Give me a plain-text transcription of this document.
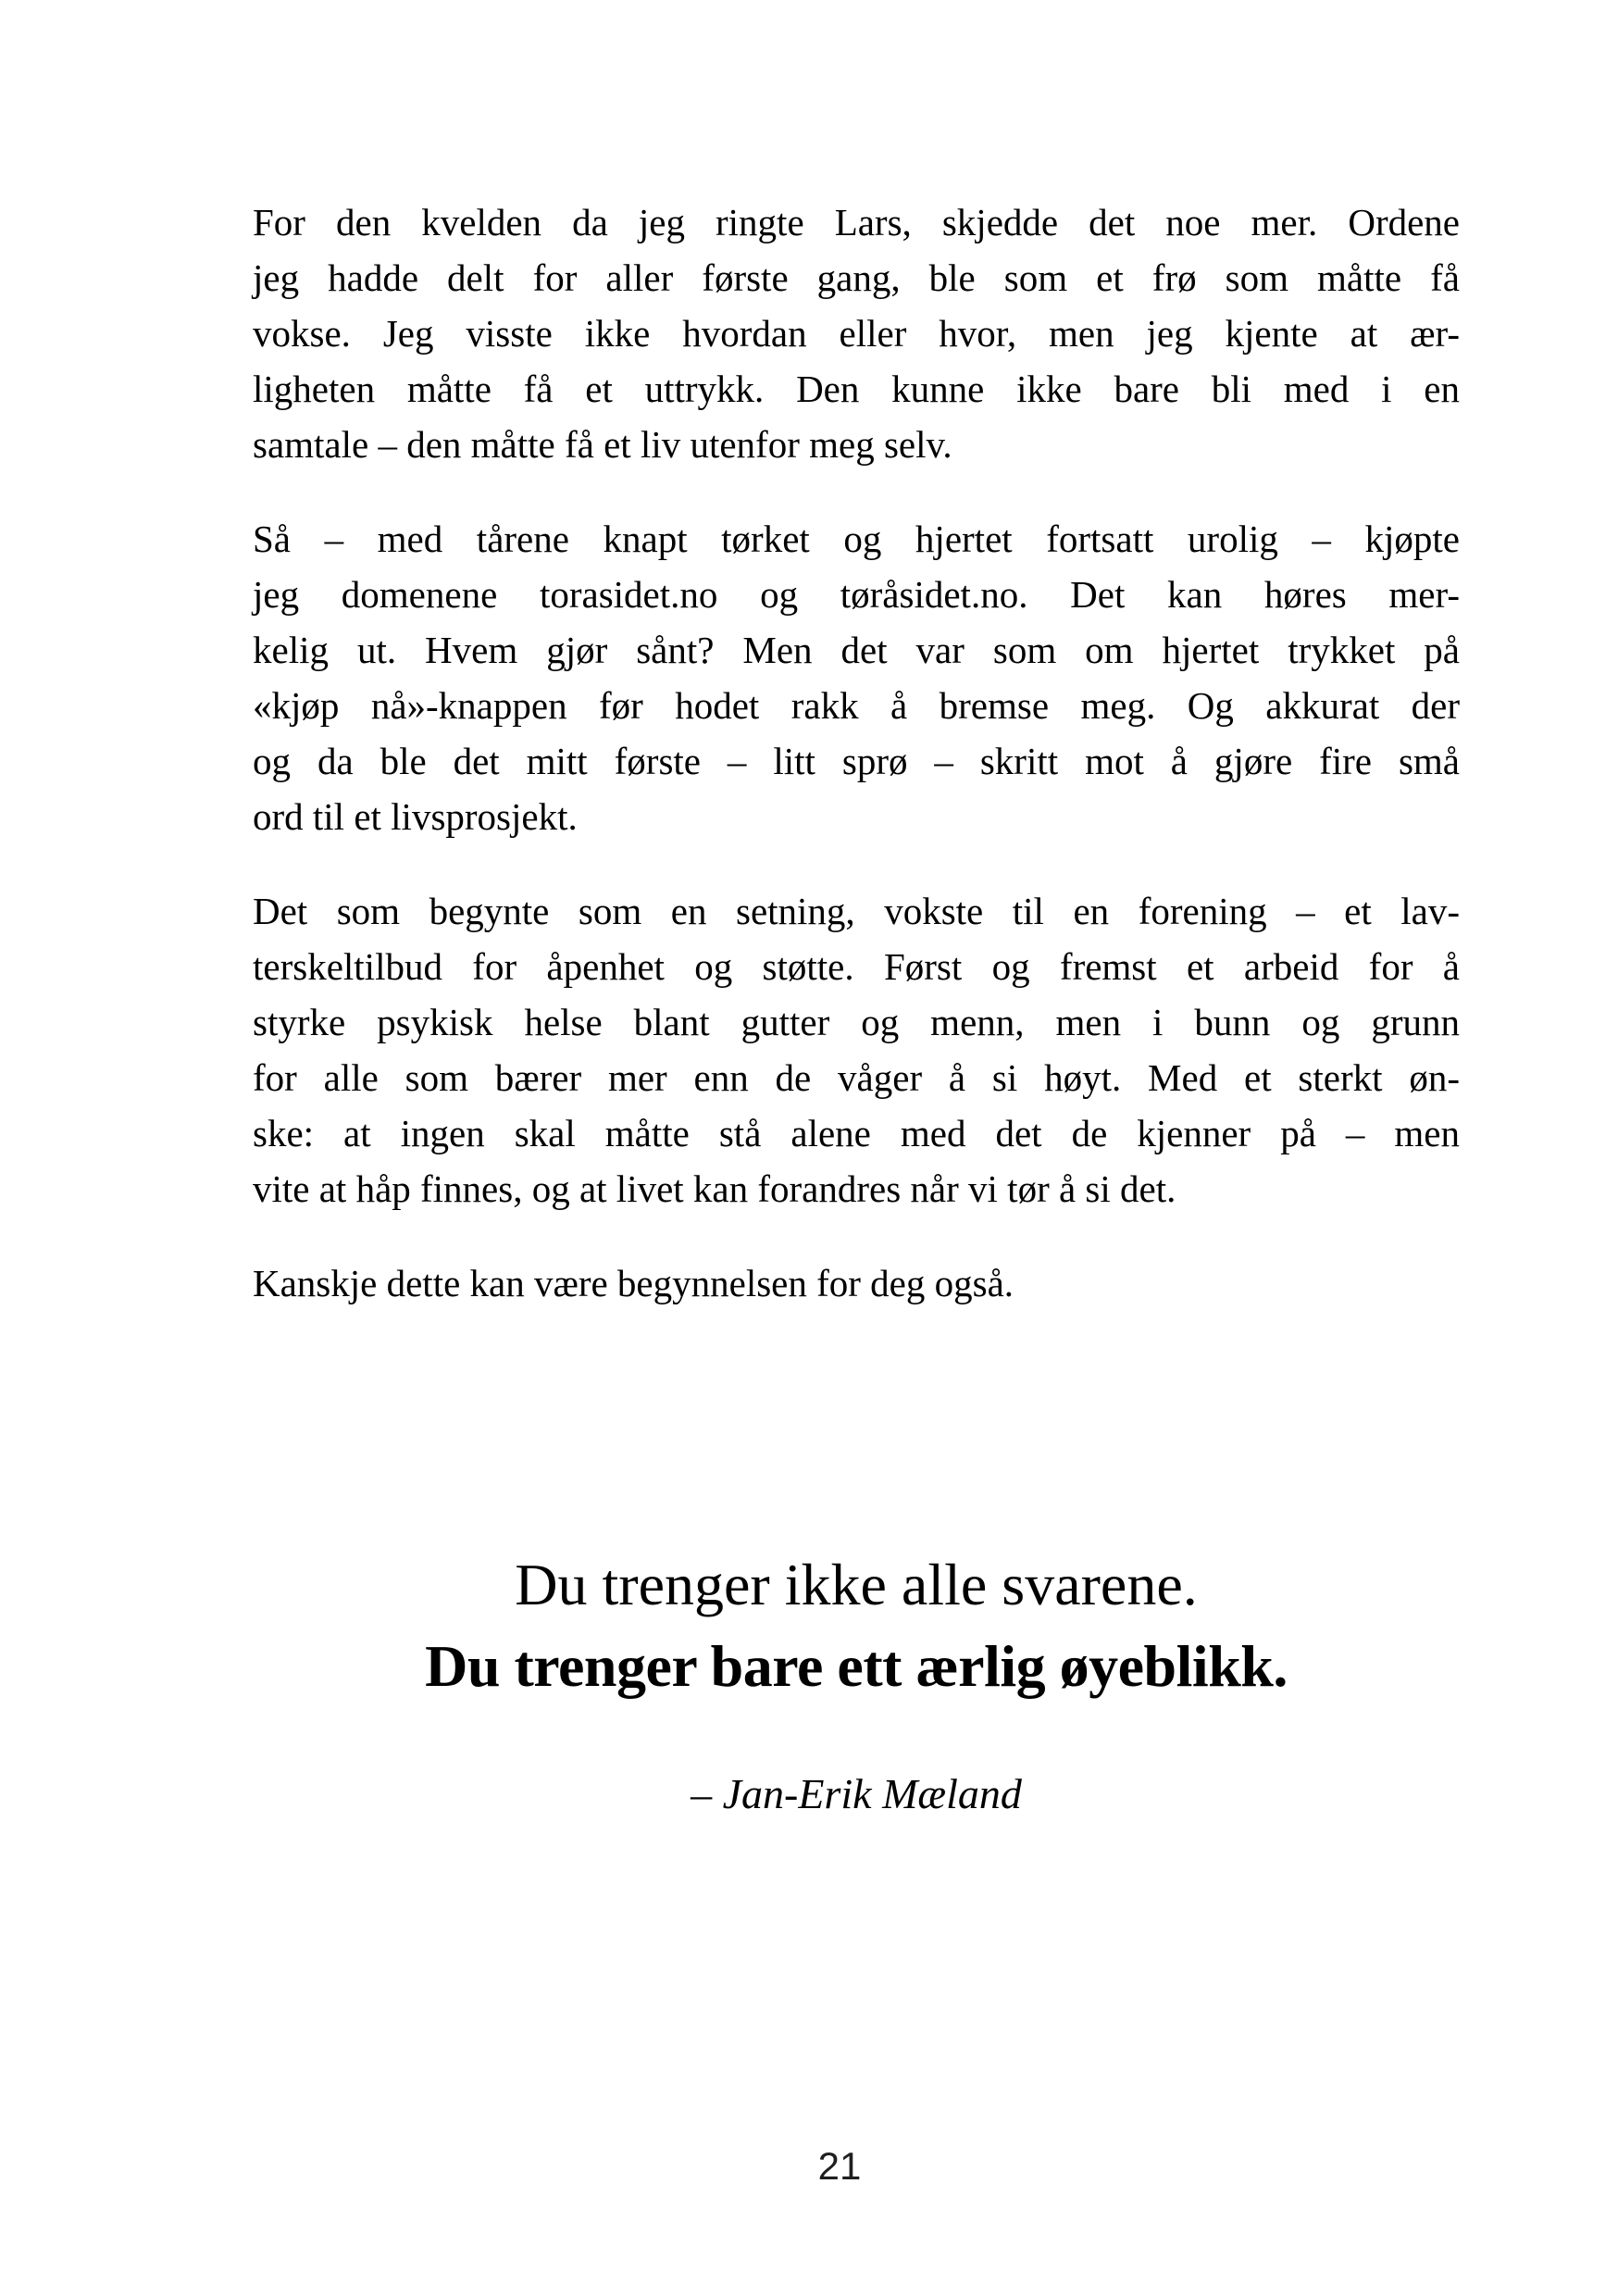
For den kvelden da jeg ringte Lars, skjedde det noe mer. Ordene
jeg hadde delt for aller første gang, ble som et frø som måtte få
vokse. Jeg visste ikke hvordan eller hvor, men jeg kjente at ær-
ligheten måtte få et uttrykk. Den kunne ikke bare bli med i en
samtale – den måtte få et liv utenfor meg selv.
Så – med tårene knapt tørket og hjertet fortsatt urolig – kjøpte
jeg domenene torasidet.no og tøråsidet.no. Det kan høres mer-
kelig ut. Hvem gjør sånt? Men det var som om hjertet trykket på
«kjøp nå»-knappen før hodet rakk å bremse meg. Og akkurat der
og da ble det mitt første – litt sprø – skritt mot å gjøre fire små
ord til et livsprosjekt.
Det som begynte som en setning, vokste til en forening – et lav-
terskeltilbud for åpenhet og støtte. Først og fremst et arbeid for å
styrke psykisk helse blant gutter og menn, men i bunn og grunn
for alle som bærer mer enn de våger å si høyt. Med et sterkt øn-
ske: at ingen skal måtte stå alene med det de kjenner på – men
vite at håp finnes, og at livet kan forandres når vi tør å si det.
Kanskje dette kan være begynnelsen for deg også.
Du trenger ikke alle svarene.
Du trenger bare ett ærlig øyeblikk.
– Jan-Erik Mæland
21
